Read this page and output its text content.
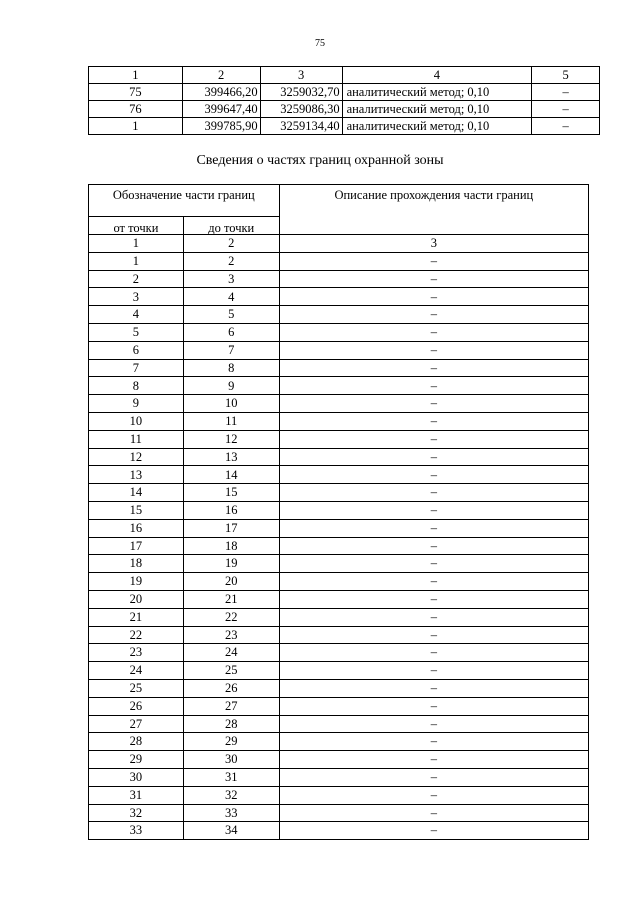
75
1	2	3	4	5
75	399466,20	3259032,70	аналитический метод; 0,10	–
76	399647,40	3259086,30	аналитический метод; 0,10	–
1	399785,90	3259134,40	аналитический метод; 0,10	–
Сведения о частях границ охранной зоны
Обозначение части границ		Описание прохождения части границ
от точки	до точки	
1	2	3
1	2	–
2	3	–
3	4	–
4	5	–
5	6	–
6	7	–
7	8	–
8	9	–
9	10	–
10	11	–
11	12	–
12	13	–
13	14	–
14	15	–
15	16	–
16	17	–
17	18	–
18	19	–
19	20	–
20	21	–
21	22	–
22	23	–
23	24	–
24	25	–
25	26	–
26	27	–
27	28	–
28	29	–
29	30	–
30	31	–
31	32	–
32	33	–
33	34	–
